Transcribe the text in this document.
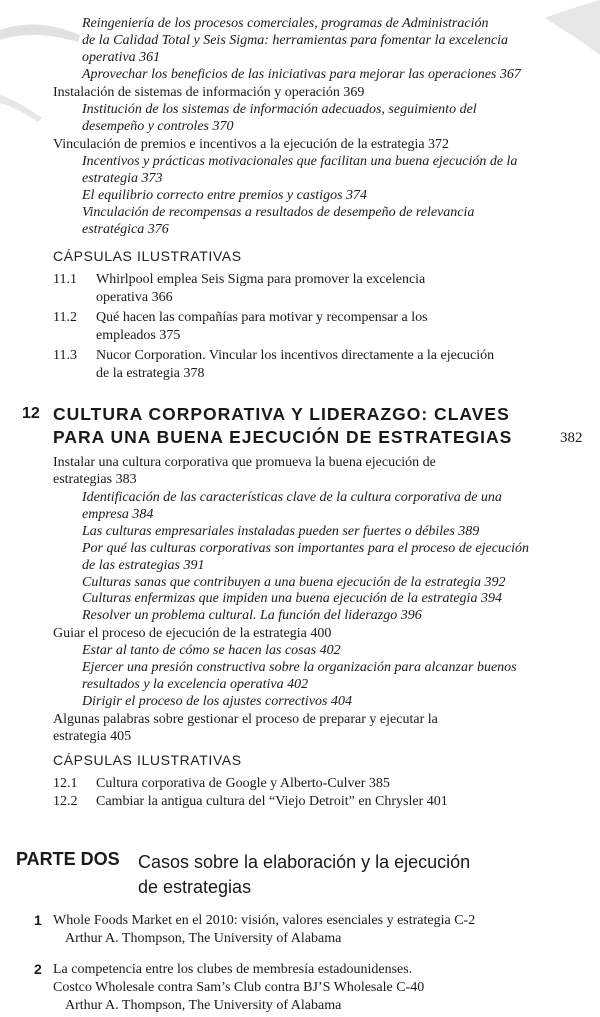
Reingeniería de los procesos comerciales, programas de Administración
de la Calidad Total y Seis Sigma: herramientas para fomentar la excelencia
operativa 361
Aprovechar los beneficios de las iniciativas para mejorar las operaciones 367
Instalación de sistemas de información y operación 369
Institución de los sistemas de información adecuados, seguimiento del
desempeño y controles 370
Vinculación de premios e incentivos a la ejecución de la estrategia 372
Incentivos y prácticas motivacionales que facilitan una buena ejecución de la
estrategia 373
El equilibrio correcto entre premios y castigos 374
Vinculación de recompensas a resultados de desempeño de relevancia
estratégica 376
CÁPSULAS ILUSTRATIVAS
11.1 Whirlpool emplea Seis Sigma para promover la excelencia
operativa 366
11.2 Qué hacen las compañías para motivar y recompensar a los
empleados 375
11.3 Nucor Corporation. Vincular los incentivos directamente a la ejecución
de la estrategia 378
12 CULTURA CORPORATIVA Y LIDERAZGO: CLAVES
PARA UNA BUENA EJECUCIÓN DE ESTRATEGIAS	382
Instalar una cultura corporativa que promueva la buena ejecución de
estrategias 383
Identificación de las características clave de la cultura corporativa de una
empresa 384
Las culturas empresariales instaladas pueden ser fuertes o débiles 389
Por qué las culturas corporativas son importantes para el proceso de ejecución
de las estrategias 391
Culturas sanas que contribuyen a una buena ejecución de la estrategia 392
Culturas enfermizas que impiden una buena ejecución de la estrategia 394
Resolver un problema cultural. La función del liderazgo 396
Guiar el proceso de ejecución de la estrategia 400
Estar al tanto de cómo se hacen las cosas 402
Ejercer una presión constructiva sobre la organización para alcanzar buenos
resultados y la excelencia operativa 402
Dirigir el proceso de los ajustes correctivos 404
Algunas palabras sobre gestionar el proceso de preparar y ejecutar la
estrategia 405
CÁPSULAS ILUSTRATIVAS
12.1 Cultura corporativa de Google y Alberto-Culver 385
12.2 Cambiar la antigua cultura del “Viejo Detroit” en Chrysler 401
PARTE DOS Casos sobre la elaboración y la ejecución
de estrategias
1 Whole Foods Market en el 2010: visión, valores esenciales y estrategia C-2
Arthur A. Thompson, The University of Alabama
2 La competencia entre los clubes de membresía estadounidenses.
Costco Wholesale contra Sam’s Club contra BJ’S Wholesale C-40
Arthur A. Thompson, The University of Alabama
